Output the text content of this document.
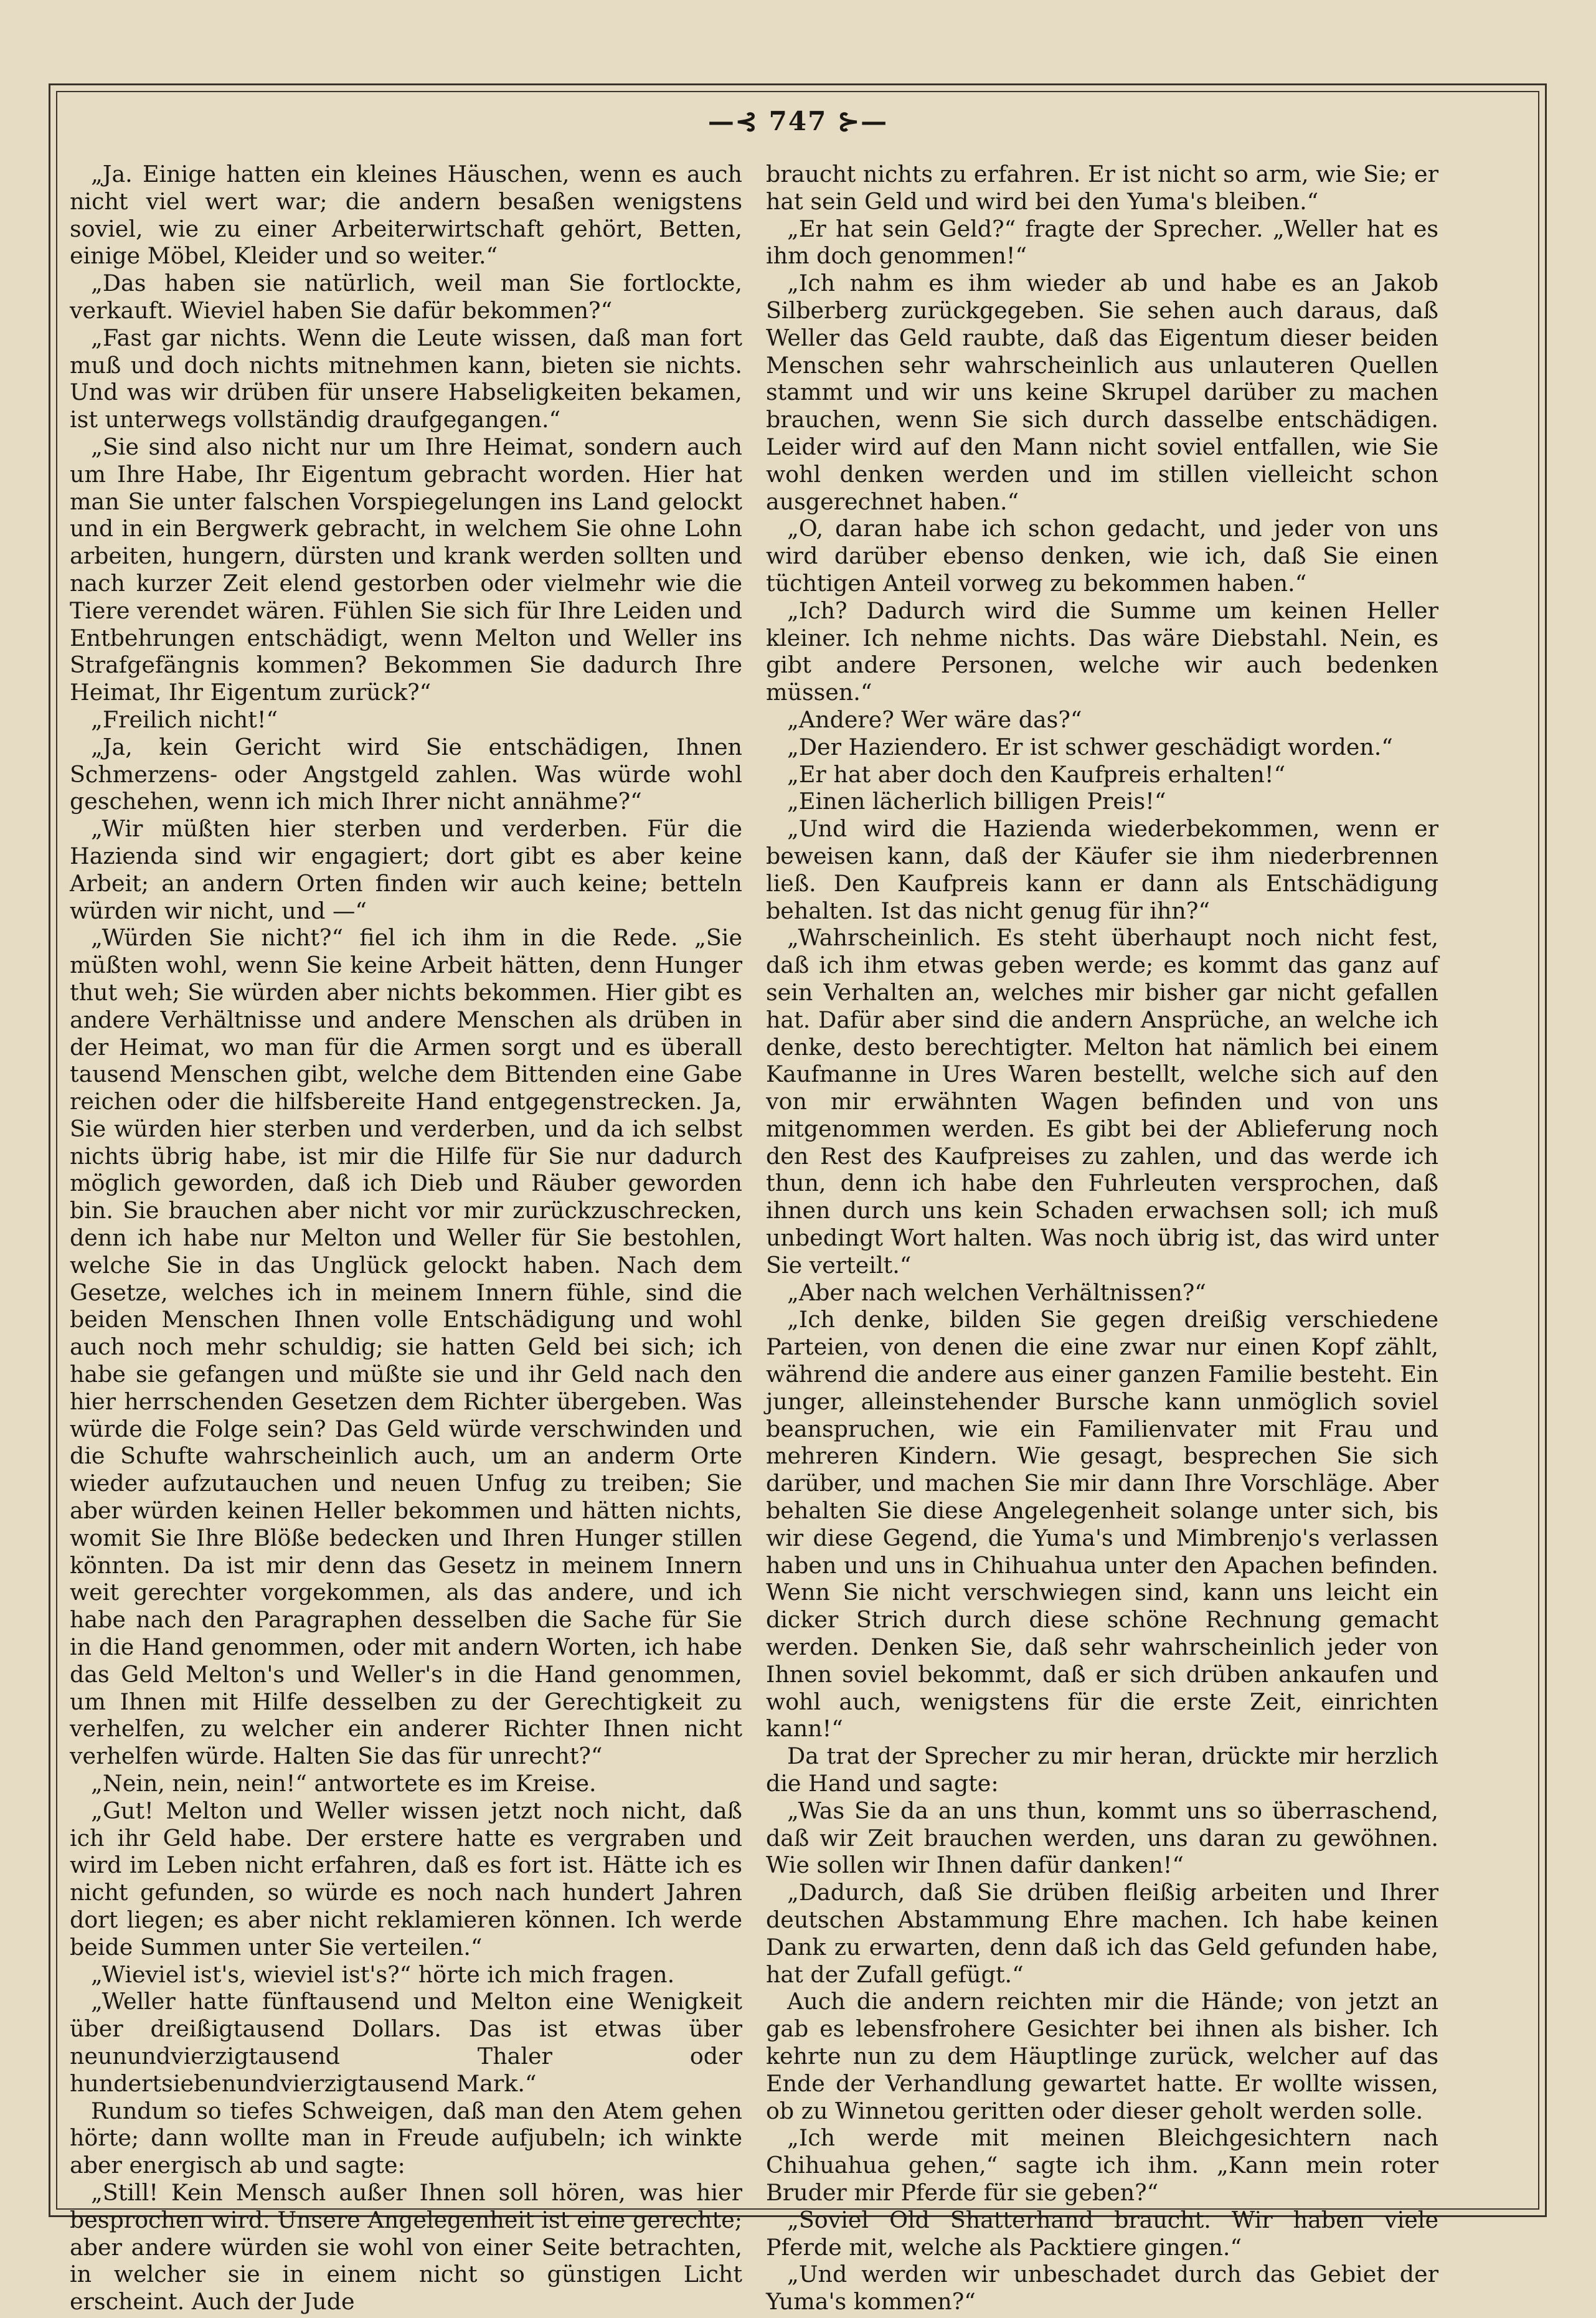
—⊰ 747 ⊱—

„Ja. Einige hatten ein kleines Häuschen, wenn es auch nicht viel wert war; die andern besaßen wenigstens soviel, wie zu einer Arbeiterwirtschaft gehört, Betten, einige Möbel, Kleider und so weiter.“

„Das haben sie natürlich, weil man Sie fortlockte, verkauft. Wieviel haben Sie dafür bekommen?“

„Fast gar nichts. Wenn die Leute wissen, daß man fort muß und doch nichts mitnehmen kann, bieten sie nichts. Und was wir drüben für unsere Habseligkeiten bekamen, ist unterwegs vollständig draufgegangen.“

„Sie sind also nicht nur um Ihre Heimat, sondern auch um Ihre Habe, Ihr Eigentum gebracht worden. Hier hat man Sie unter falschen Vorspiegelungen ins Land gelockt und in ein Bergwerk gebracht, in welchem Sie ohne Lohn arbeiten, hungern, dürsten und krank werden sollten und nach kurzer Zeit elend gestorben oder vielmehr wie die Tiere verendet wären. Fühlen Sie sich für Ihre Leiden und Entbehrungen entschädigt, wenn Melton und Weller ins Strafgefängnis kommen? Bekommen Sie dadurch Ihre Heimat, Ihr Eigentum zurück?“

„Freilich nicht!“

„Ja, kein Gericht wird Sie entschädigen, Ihnen Schmerzens- oder Angstgeld zahlen. Was würde wohl geschehen, wenn ich mich Ihrer nicht annähme?“

„Wir müßten hier sterben und verderben. Für die Hazienda sind wir engagiert; dort gibt es aber keine Arbeit; an andern Orten finden wir auch keine; betteln würden wir nicht, und —“

„Würden Sie nicht?“ fiel ich ihm in die Rede. „Sie müßten wohl, wenn Sie keine Arbeit hätten, denn Hunger thut weh; Sie würden aber nichts bekommen. Hier gibt es andere Verhältnisse und andere Menschen als drüben in der Heimat, wo man für die Armen sorgt und es überall tausend Menschen gibt, welche dem Bittenden eine Gabe reichen oder die hilfsbereite Hand entgegenstrecken. Ja, Sie würden hier sterben und verderben, und da ich selbst nichts übrig habe, ist mir die Hilfe für Sie nur dadurch möglich geworden, daß ich Dieb und Räuber geworden bin. Sie brauchen aber nicht vor mir zurückzuschrecken, denn ich habe nur Melton und Weller für Sie bestohlen, welche Sie in das Unglück gelockt haben. Nach dem Gesetze, welches ich in meinem Innern fühle, sind die beiden Menschen Ihnen volle Entschädigung und wohl auch noch mehr schuldig; sie hatten Geld bei sich; ich habe sie gefangen und müßte sie und ihr Geld nach den hier herrschenden Gesetzen dem Richter übergeben. Was würde die Folge sein? Das Geld würde verschwinden und die Schufte wahrscheinlich auch, um an anderm Orte wieder aufzutauchen und neuen Unfug zu treiben; Sie aber würden keinen Heller bekommen und hätten nichts, womit Sie Ihre Blöße bedecken und Ihren Hunger stillen könnten. Da ist mir denn das Gesetz in meinem Innern weit gerechter vorgekommen, als das andere, und ich habe nach den Paragraphen desselben die Sache für Sie in die Hand genommen, oder mit andern Worten, ich habe das Geld Melton's und Weller's in die Hand genommen, um Ihnen mit Hilfe desselben zu der Gerechtigkeit zu verhelfen, zu welcher ein anderer Richter Ihnen nicht verhelfen würde. Halten Sie das für unrecht?“

„Nein, nein, nein!“ antwortete es im Kreise.

„Gut! Melton und Weller wissen jetzt noch nicht, daß ich ihr Geld habe. Der erstere hatte es vergraben und wird im Leben nicht erfahren, daß es fort ist. Hätte ich es nicht gefunden, so würde es noch nach hundert Jahren dort liegen; es aber nicht reklamieren können. Ich werde beide Summen unter Sie verteilen.“

„Wieviel ist's, wieviel ist's?“ hörte ich mich fragen.

„Weller hatte fünftausend und Melton eine Wenigkeit über dreißigtausend Dollars. Das ist etwas über neunundvierzigtausend Thaler oder hundertsiebenundvierzigtausend Mark.“

Rundum so tiefes Schweigen, daß man den Atem gehen hörte; dann wollte man in Freude aufjubeln; ich winkte aber energisch ab und sagte:

„Still! Kein Mensch außer Ihnen soll hören, was hier besprochen wird. Unsere Angelegenheit ist eine gerechte; aber andere würden sie wohl von einer Seite betrachten, in welcher sie in einem nicht so günstigen Licht erscheint. Auch der Jude

braucht nichts zu erfahren. Er ist nicht so arm, wie Sie; er hat sein Geld und wird bei den Yuma's bleiben.“

„Er hat sein Geld?“ fragte der Sprecher. „Weller hat es ihm doch genommen!“

„Ich nahm es ihm wieder ab und habe es an Jakob Silberberg zurückgegeben. Sie sehen auch daraus, daß Weller das Geld raubte, daß das Eigentum dieser beiden Menschen sehr wahrscheinlich aus unlauteren Quellen stammt und wir uns keine Skrupel darüber zu machen brauchen, wenn Sie sich durch dasselbe entschädigen. Leider wird auf den Mann nicht soviel entfallen, wie Sie wohl denken werden und im stillen vielleicht schon ausgerechnet haben.“

„O, daran habe ich schon gedacht, und jeder von uns wird darüber ebenso denken, wie ich, daß Sie einen tüchtigen Anteil vorweg zu bekommen haben.“

„Ich? Dadurch wird die Summe um keinen Heller kleiner. Ich nehme nichts. Das wäre Diebstahl. Nein, es gibt andere Personen, welche wir auch bedenken müssen.“

„Andere? Wer wäre das?“

„Der Haziendero. Er ist schwer geschädigt worden.“

„Er hat aber doch den Kaufpreis erhalten!“

„Einen lächerlich billigen Preis!“

„Und wird die Hazienda wiederbekommen, wenn er beweisen kann, daß der Käufer sie ihm niederbrennen ließ. Den Kaufpreis kann er dann als Entschädigung behalten. Ist das nicht genug für ihn?“

„Wahrscheinlich. Es steht überhaupt noch nicht fest, daß ich ihm etwas geben werde; es kommt das ganz auf sein Verhalten an, welches mir bisher gar nicht gefallen hat. Dafür aber sind die andern Ansprüche, an welche ich denke, desto berechtigter. Melton hat nämlich bei einem Kaufmanne in Ures Waren bestellt, welche sich auf den von mir erwähnten Wagen befinden und von uns mitgenommen werden. Es gibt bei der Ablieferung noch den Rest des Kaufpreises zu zahlen, und das werde ich thun, denn ich habe den Fuhrleuten versprochen, daß ihnen durch uns kein Schaden erwachsen soll; ich muß unbedingt Wort halten. Was noch übrig ist, das wird unter Sie verteilt.“

„Aber nach welchen Verhältnissen?“

„Ich denke, bilden Sie gegen dreißig verschiedene Parteien, von denen die eine zwar nur einen Kopf zählt, während die andere aus einer ganzen Familie besteht. Ein junger, alleinstehender Bursche kann unmöglich soviel beanspruchen, wie ein Familienvater mit Frau und mehreren Kindern. Wie gesagt, besprechen Sie sich darüber, und machen Sie mir dann Ihre Vorschläge. Aber behalten Sie diese Angelegenheit solange unter sich, bis wir diese Gegend, die Yuma's und Mimbrenjo's verlassen haben und uns in Chihuahua unter den Apachen befinden. Wenn Sie nicht verschwiegen sind, kann uns leicht ein dicker Strich durch diese schöne Rechnung gemacht werden. Denken Sie, daß sehr wahrscheinlich jeder von Ihnen soviel bekommt, daß er sich drüben ankaufen und wohl auch, wenigstens für die erste Zeit, einrichten kann!“

Da trat der Sprecher zu mir heran, drückte mir herzlich die Hand und sagte:

„Was Sie da an uns thun, kommt uns so überraschend, daß wir Zeit brauchen werden, uns daran zu gewöhnen. Wie sollen wir Ihnen dafür danken!“

„Dadurch, daß Sie drüben fleißig arbeiten und Ihrer deutschen Abstammung Ehre machen. Ich habe keinen Dank zu erwarten, denn daß ich das Geld gefunden habe, hat der Zufall gefügt.“

Auch die andern reichten mir die Hände; von jetzt an gab es lebensfrohere Gesichter bei ihnen als bisher. Ich kehrte nun zu dem Häuptlinge zurück, welcher auf das Ende der Verhandlung gewartet hatte. Er wollte wissen, ob zu Winnetou geritten oder dieser geholt werden solle.

„Ich werde mit meinen Bleichgesichtern nach Chihuahua gehen,“ sagte ich ihm. „Kann mein roter Bruder mir Pferde für sie geben?“

„Soviel Old Shatterhand braucht. Wir haben viele Pferde mit, welche als Packtiere gingen.“

„Und werden wir unbeschadet durch das Gebiet der Yuma's kommen?“
